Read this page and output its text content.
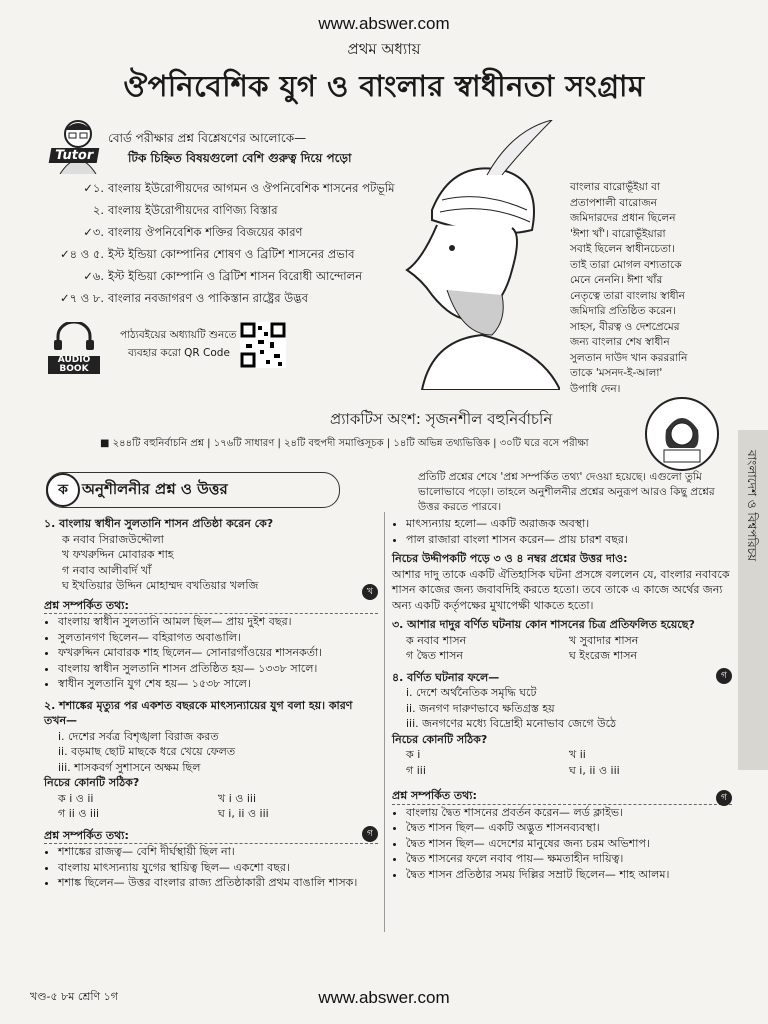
www.abswer.com
প্রথম অধ্যায়
ঔপনিবেশিক যুগ ও বাংলার স্বাধীনতা সংগ্রাম
Tutor
বোর্ড পরীক্ষার প্রশ্ন বিশ্লেষণের আলোকে—
টিক চিহ্নিত বিষয়গুলো বেশি গুরুত্ব দিয়ে পড়ো
✓১. বাংলায় ইউরোপীয়দের আগমন ও ঔপনিবেশিক শাসনের পটভূমি
২. বাংলায় ইউরোপীয়দের বাণিজ্য বিস্তার
✓৩. বাংলায় ঔপনিবেশিক শক্তির বিজয়ের কারণ
✓৪ ও ৫. ইস্ট ইন্ডিয়া কোম্পানির শোষণ ও ব্রিটিশ শাসনের প্রভাব
✓৬. ইস্ট ইন্ডিয়া কোম্পানি ও ব্রিটিশ শাসন বিরোধী আন্দোলন
✓৭ ও ৮. বাংলার নবজাগরণ ও পাকিস্তান রাষ্ট্রের উদ্ভব
AUDIO
BOOK
পাঠ্যবইয়ের অধ্যায়টি শুনতে
ব্যবহার করো QR Code
বাংলার বারোভূঁইয়া বা প্রতাপশালী বারোজন জমিদারদের প্রধান ছিলেন 'ঈশা খাঁ'। বারোভূঁইয়ারা সবাই ছিলেন স্বাধীনচেতা। তাই তারা মোগল বশ্যতাকে মেনে নেননি। ঈশা খাঁর নেতৃত্বে তারা বাংলায় স্বাধীন জমিদারি প্রতিষ্ঠিত করেন। সাহস, বীরত্ব ও দেশপ্রেমের জন্য বাংলার শেষ স্বাধীন সুলতান দাউদ খান করররানি তাকে 'মসনদ-ই-আলা' উপাধি দেন।
প্র্যাকটিস অংশ: সৃজনশীল বহুনির্বাচনি
■ ২৪৪টি বহুনির্বাচনি প্রশ্ন | ১৭৬টি সাধারণ | ২৪টি বহুপদী সমাপ্তিসূচক | ১৪টি অভিন্ন তথ্যভিত্তিক | ৩০টি ঘরে বসে পরীক্ষা
বাংলাদেশ ও বিশ্বপরিচয়
ক অনুশীলনীর প্রশ্ন ও উত্তর
প্রতিটি প্রশ্নের শেষে 'প্রশ্ন সম্পর্কিত তথ্য' দেওয়া হয়েছে। এগুলো তুমি ভালোভাবে পড়ো। তাহলে অনুশীলনীর প্রশ্নের অনুরূপ আরও কিছু প্রশ্নের উত্তর করতে পারবে।
১. বাংলায় স্বাধীন সুলতানি শাসন প্রতিষ্ঠা করেন কে?
ক নবাব সিরাজউদ্দৌলা
খ ফখরুদ্দিন মোবারক শাহ
গ নবাব আলীবর্দি খাঁ
ঘ ইখতিয়ার উদ্দিন মোহাম্মদ বখতিয়ার খলজি
প্রশ্ন সম্পর্কিত তথ্য:
• বাংলায় স্বাধীন সুলতানি আমল ছিল— প্রায় দুইশ বছর।
• সুলতানগণ ছিলেন— বহিরাগত অবাঙালি।
• ফখরুদ্দিন মোবারক শাহ ছিলেন— সোনারগাঁওয়ের শাসনকর্তা।
• বাংলায় স্বাধীন সুলতানি শাসন প্রতিষ্ঠিত হয়— ১৩৩৮ সালে।
• স্বাধীন সুলতানি যুগ শেষ হয়— ১৫৩৮ সালে।
২. শশাঙ্কের মৃত্যুর পর একশত বছরকে মাৎস্যন্যায়ের যুগ বলা হয়। কারণ তখন—
i. দেশের সর্বত্র বিশৃঙ্খলা বিরাজ করত
ii. বড়মাছ ছোট মাছকে ধরে খেয়ে ফেলত
iii. শাসকবর্গ সুশাসনে অক্ষম ছিল
নিচের কোনটি সঠিক?
ক i ও ii	খ i ও iii
গ ii ও iii	ঘ i, ii ও iii
প্রশ্ন সম্পর্কিত তথ্য:
• শশাঙ্কের রাজত্ব— বেশি দীর্ঘস্থায়ী ছিল না।
• বাংলায় মাৎস্যন্যায় যুগের স্থায়িত্ব ছিল— একশো বছর।
• শশাঙ্ক ছিলেন— উত্তর বাংলার রাজ্য প্রতিষ্ঠাকারী প্রথম বাঙালি শাসক।
খ
গ
• মাৎস্যন্যায় হলো— একটি অরাজক অবস্থা।
• পাল রাজারা বাংলা শাসন করেন— প্রায় চারশ বছর।
নিচের উদ্দীপকটি পড়ে ৩ ও ৪ নম্বর প্রশ্নের উত্তর দাও:
আশার দাদু তাকে একটি ঐতিহাসিক ঘটনা প্রসঙ্গে বললেন যে, বাংলার নবাবকে শাসন কাজের জন্য জবাবদিহি করতে হতো। তবে তাকে এ কাজে অর্থের জন্য অন্য একটি কর্তৃপক্ষের মুখাপেক্ষী থাকতে হতো।
৩. আশার দাদুর বর্ণিত ঘটনায় কোন শাসনের চিত্র প্রতিফলিত হয়েছে?
ক নবাব শাসন	খ সুবাদার শাসন
গ দ্বৈত শাসন	ঘ ইংরেজ শাসন
৪. বর্ণিত ঘটনার ফলে—
i. দেশে অর্থনৈতিক সমৃদ্ধি ঘটে
ii. জনগণ দারুণভাবে ক্ষতিগ্রস্ত হয়
iii. জনগণের মধ্যে বিদ্রোহী মনোভাব জেগে উঠে
নিচের কোনটি সঠিক?
ক i	খ ii
গ iii	ঘ i, ii ও iii
প্রশ্ন সম্পর্কিত তথ্য:
• বাংলায় দ্বৈত শাসনের প্রবর্তন করেন— লর্ড ক্লাইভ।
• দ্বৈত শাসন ছিল— একটি অদ্ভুত শাসনব্যবস্থা।
• দ্বৈত শাসন ছিল— এদেশের মানুষের জন্য চরম অভিশাপ।
• দ্বৈত শাসনের ফলে নবাব পায়— ক্ষমতাহীন দায়িত্ব।
• দ্বৈত শাসন প্রতিষ্ঠার সময় দিল্লির সম্রাট ছিলেন— শাহ আলম।
গ
গ
খণ্ড-৫ ৮ম শ্রেণি ১গ	www.abswer.com
